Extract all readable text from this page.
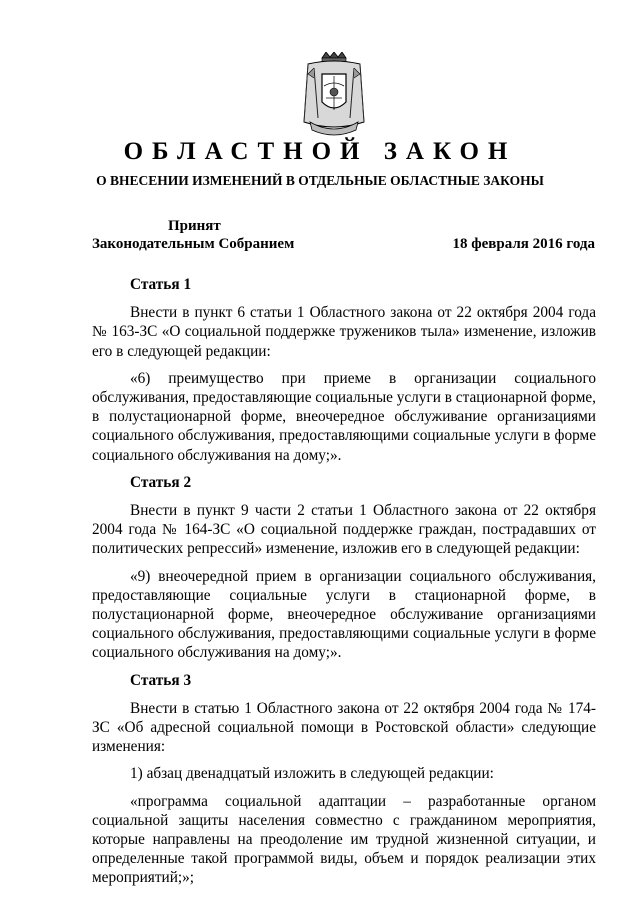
ОБЛАСТНОЙ ЗАКОН
О ВНЕСЕНИИ ИЗМЕНЕНИЙ В ОТДЕЛЬНЫЕ ОБЛАСТНЫЕ ЗАКОНЫ
Принят
Законодательным Собранием	18 февраля 2016 года
Статья 1

Внести в пункт 6 статьи 1 Областного закона от 22 октября 2004 года № 163-ЗС «О социальной поддержке тружеников тыла» изменение, изложив его в следующей редакции:

«6) преимущество при приеме в организации социального обслуживания, предоставляющие социальные услуги в стационарной форме, в полустационарной форме, внеочередное обслуживание организациями социального обслуживания, предоставляющими социальные услуги в форме социального обслуживания на дому;».

Статья 2

Внести в пункт 9 части 2 статьи 1 Областного закона от 22 октября 2004 года № 164-ЗС «О социальной поддержке граждан, пострадавших от политических репрессий» изменение, изложив его в следующей редакции:

«9) внеочередной прием в организации социального обслуживания, предоставляющие социальные услуги в стационарной форме, в полустационарной форме, внеочередное обслуживание организациями социального обслуживания, предоставляющими социальные услуги в форме социального обслуживания на дому;».

Статья 3

Внести в статью 1 Областного закона от 22 октября 2004 года № 174-ЗС «Об адресной социальной помощи в Ростовской области» следующие изменения:

1) абзац двенадцатый изложить в следующей редакции:

«программа социальной адаптации – разработанные органом социальной защиты населения совместно с гражданином мероприятия, которые направлены на преодоление им трудной жизненной ситуации, и определенные такой программой виды, объем и порядок реализации этих мероприятий;»;
